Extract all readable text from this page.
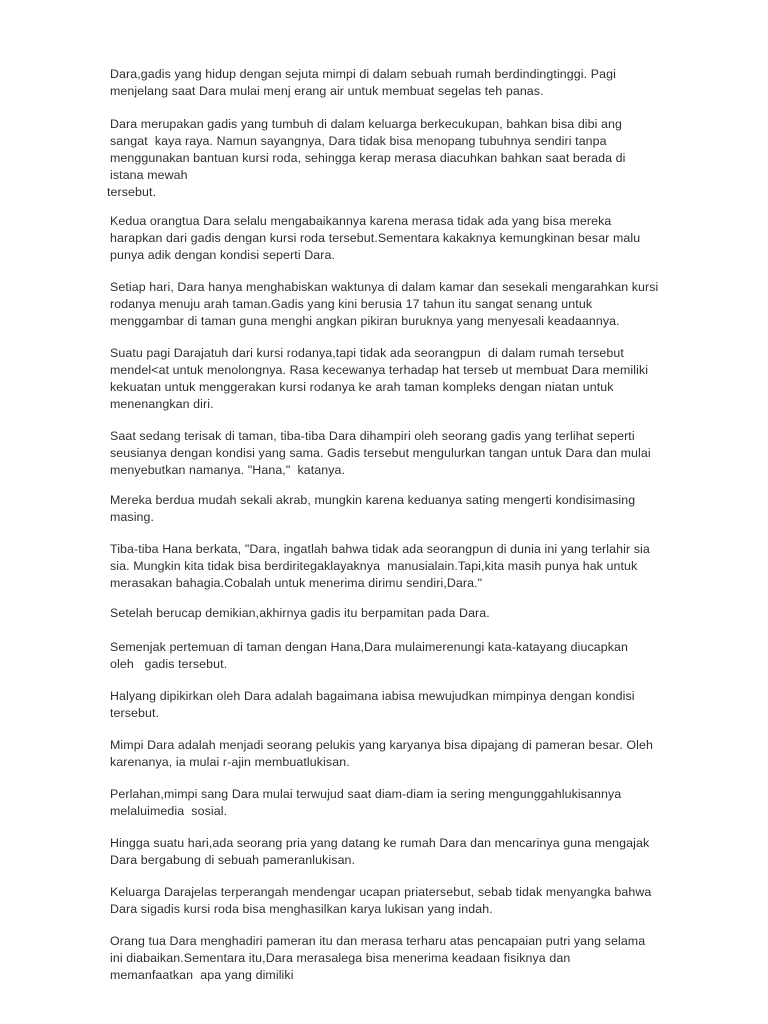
Dara,gadis yang hidup dengan sejuta mimpi di dalam sebuah rumah berdindingtinggi. Pagi
menjelang saat Dara mulai menj erang air untuk membuat segelas teh panas.

Dara merupakan gadis yang tumbuh di dalam keluarga berkecukupan, bahkan bisa dibi ang
sangat  kaya raya. Namun sayangnya, Dara tidak bisa menopang tubuhnya sendiri tanpa
menggunakan bantuan kursi roda, sehingga kerap merasa diacuhkan bahkan saat berada di
istana mewah
tersebut.

Kedua orangtua Dara selalu mengabaikannya karena merasa tidak ada yang bisa mereka
harapkan dari gadis dengan kursi roda tersebut.Sementara kakaknya kemungkinan besar malu
punya adik dengan kondisi seperti Dara.

Setiap hari, Dara hanya menghabiskan waktunya di dalam kamar dan sesekali mengarahkan kursi
rodanya menuju arah taman.Gadis yang kini berusia 17 tahun itu sangat senang untuk
menggambar di taman guna menghi angkan pikiran buruknya yang menyesali keadaannya.

Suatu pagi Darajatuh dari kursi rodanya,tapi tidak ada seorangpun  di dalam rumah tersebut
mendel<at untuk menolongnya. Rasa kecewanya terhadap hat terseb ut membuat Dara memiliki
kekuatan untuk menggerakan kursi rodanya ke arah taman kompleks dengan niatan untuk
menenangkan diri.

Saat sedang terisak di taman, tiba-tiba Dara dihampiri oleh seorang gadis yang terlihat seperti
seusianya dengan kondisi yang sama. Gadis tersebut mengulurkan tangan untuk Dara dan mulai
menyebutkan namanya. "Hana,"  katanya.

Mereka berdua mudah sekali akrab, mungkin karena keduanya sating mengerti kondisimasing
masing.

Tiba-tiba Hana berkata, "Dara, ingatlah bahwa tidak ada seorangpun di dunia ini yang terlahir sia
sia. Mungkin kita tidak bisa berdiritegaklayaknya  manusialain.Tapi,kita masih punya hak untuk
merasakan bahagia.Cobalah untuk menerima dirimu sendiri,Dara."

Setelah berucap demikian,akhirnya gadis itu berpamitan pada Dara.

Semenjak pertemuan di taman dengan Hana,Dara mulaimerenungi kata-katayang diucapkan
oleh   gadis tersebut.

Halyang dipikirkan oleh Dara adalah bagaimana iabisa mewujudkan mimpinya dengan kondisi
tersebut.

Mimpi Dara adalah menjadi seorang pelukis yang karyanya bisa dipajang di pameran besar. Oleh
karenanya, ia mulai r-ajin membuatlukisan.

Perlahan,mimpi sang Dara mulai terwujud saat diam-diam ia sering mengunggahlukisannya
melaluimedia  sosial.

Hingga suatu hari,ada seorang pria yang datang ke rumah Dara dan mencarinya guna mengajak
Dara bergabung di sebuah pameranlukisan.

Keluarga Darajelas terperangah mendengar ucapan priatersebut, sebab tidak menyangka bahwa
Dara sigadis kursi roda bisa menghasilkan karya lukisan yang indah.

Orang tua Dara menghadiri pameran itu dan merasa terharu atas pencapaian putri yang selama
ini diabaikan.Sementara itu,Dara merasalega bisa menerima keadaan fisiknya dan
memanfaatkan  apa yang dimiliki
